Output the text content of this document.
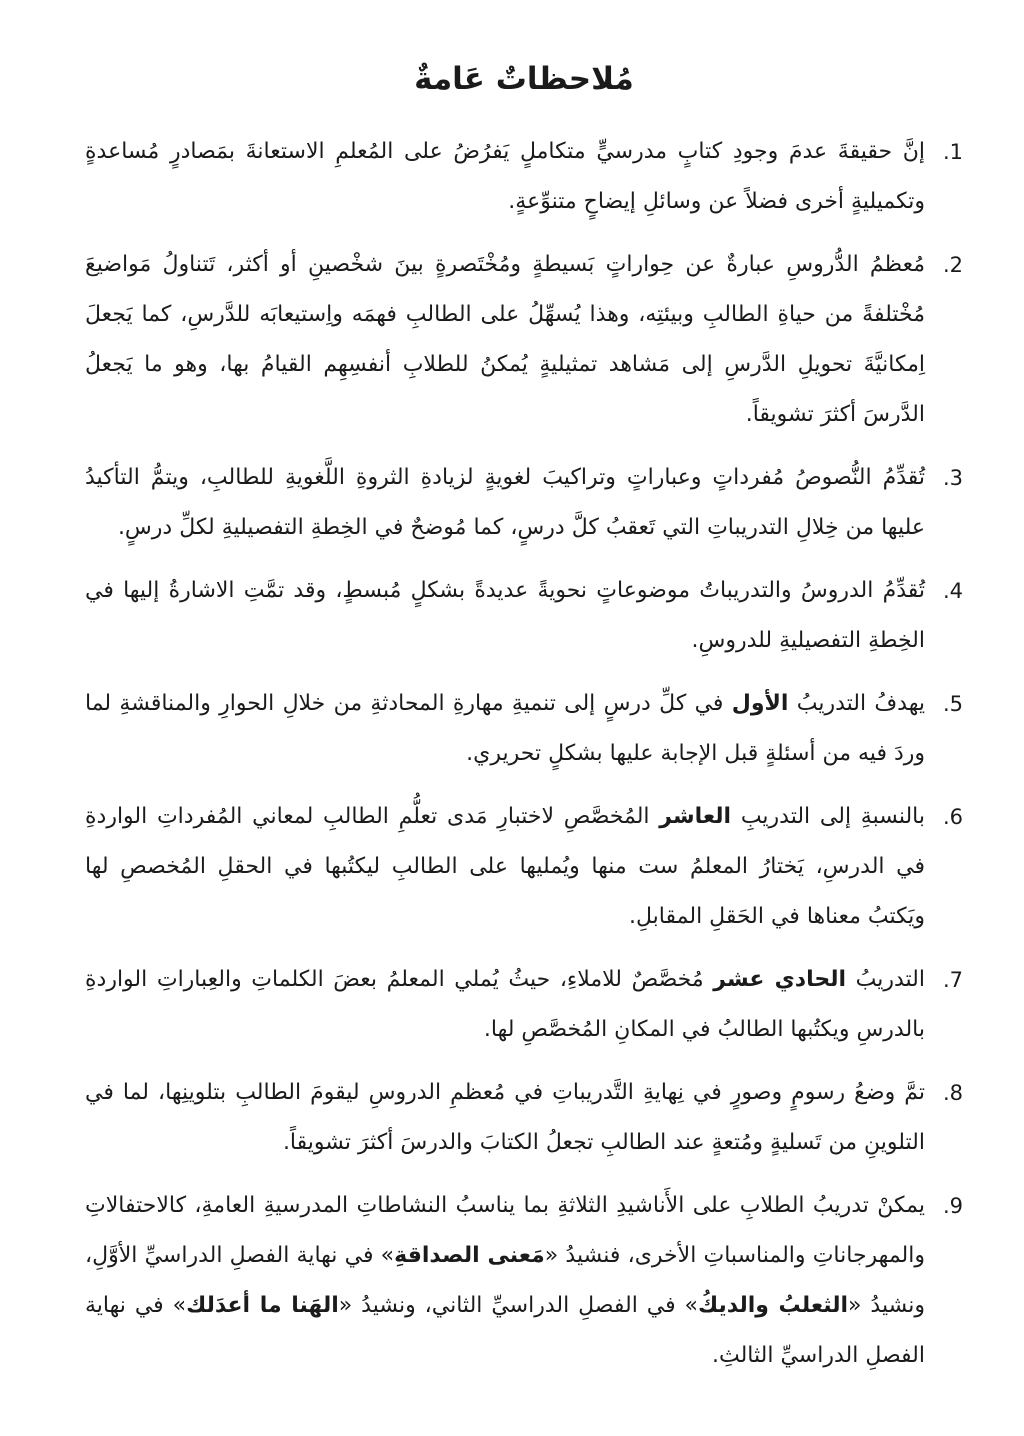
مُلاحظاتٌ عَامةٌ
1.
إنَّ حقيقةَ عدمَ وجودِ كتابٍ مدرسيٍّ متكاملٍ يَفرُضُ على المُعلمِ الاستعانةَ بمَصادرٍ مُساعدةٍ وتكميليةٍ أخرى فضلاً عن وسائلِ إيضاحٍ متنوِّعةٍ.
2.
مُعظمُ الدُّروسِ عبارةٌ عن حِواراتٍ بَسيطةٍ ومُخْتَصرةٍ بينَ شخْصينِ أو أكثر، تَتناولُ مَواضيعَ مُخْتلفةً من حياةِ الطالبِ وبيئتِه، وهذا يُسهِّلُ على الطالبِ فهمَه واِستيعابَه للدَّرسِ، كما يَجعلَ اِمكانيَّةَ تحويلِ الدَّرسِ إلى مَشاهد تمثيليةٍ يُمكنُ للطلابِ أنفسِهِم القيامُ بها، وهو ما يَجعلُ الدَّرسَ أكثرَ تشويقاً.
3.
تُقدِّمُ النُّصوصُ مُفرداتٍ وعباراتٍ وتراكيبَ لغويةٍ لزيادةِ الثروةِ اللَّغويةِ للطالبِ، ويتمُّ التأكيدُ عليها من خِلالِ التدريباتِ التي تَعقبُ كلَّ درسٍ، كما مُوضحٌ في الخِطةِ التفصيليةِ لكلِّ درسٍ.
4.
تُقدِّمُ الدروسُ والتدريباتُ موضوعاتٍ نحويةً عديدةً بشكلٍ مُبسطٍ، وقد تمَّتِ الاشارةُ إليها في الخِطةِ التفصيليةِ للدروسِ.
5.
يهدفُ التدريبُ الأول في كلِّ درسٍ إلى تنميةِ مهارةِ المحادثةِ من خلالِ الحوارِ والمناقشةِ لما وردَ فيه من أسئلةٍ قبل الإجابة عليها بشكلٍ تحريري.
6.
بالنسبةِ إلى التدريبِ العاشر المُخصَّصِ لاختبارِ مَدى تعلُّمِ الطالبِ لمعاني المُفرداتِ الواردةِ في الدرسِ، يَختارُ المعلمُ ست منها ويُمليها على الطالبِ ليكتُبها في الحقلِ المُخصصِ لها ويَكتبُ معناها في الحَقلِ المقابلِ.
7.
التدريبُ الحادي عشر مُخصَّصٌ للاملاءِ، حيثُ يُملي المعلمُ بعضَ الكلماتِ والعِباراتِ الواردةِ بالدرسِ ويكتُبها الطالبُ في المكانِ المُخصَّصِ لها.
8.
تمَّ وضعُ رسومٍ وصورٍ في نِهايةِ التَّدريباتِ في مُعظمِ الدروسِ ليقومَ الطالبِ بتلوينِها، لما في التلوينِ من تَسليةٍ ومُتعةٍ عند الطالبِ تجعلُ الكتابَ والدرسَ أكثرَ تشويقاً.
9.
يمكنْ تدريبُ الطلابِ على الأَناشيدِ الثلاثةِ بما يناسبُ النشاطاتِ المدرسيةِ العامةِ، كالاحتفالاتِ والمهرجاناتِ والمناسباتِ الأخرى، فنشيدُ «مَعنى الصداقةِ» في نهاية الفصلِ الدراسيِّ الأوَّلِ، ونشيدُ «الثعلبُ والديكُ» في الفصلِ الدراسيِّ الثاني، ونشيدُ «الهَنا ما أعدَلك» في نهاية الفصلِ الدراسيِّ الثالثِ.
